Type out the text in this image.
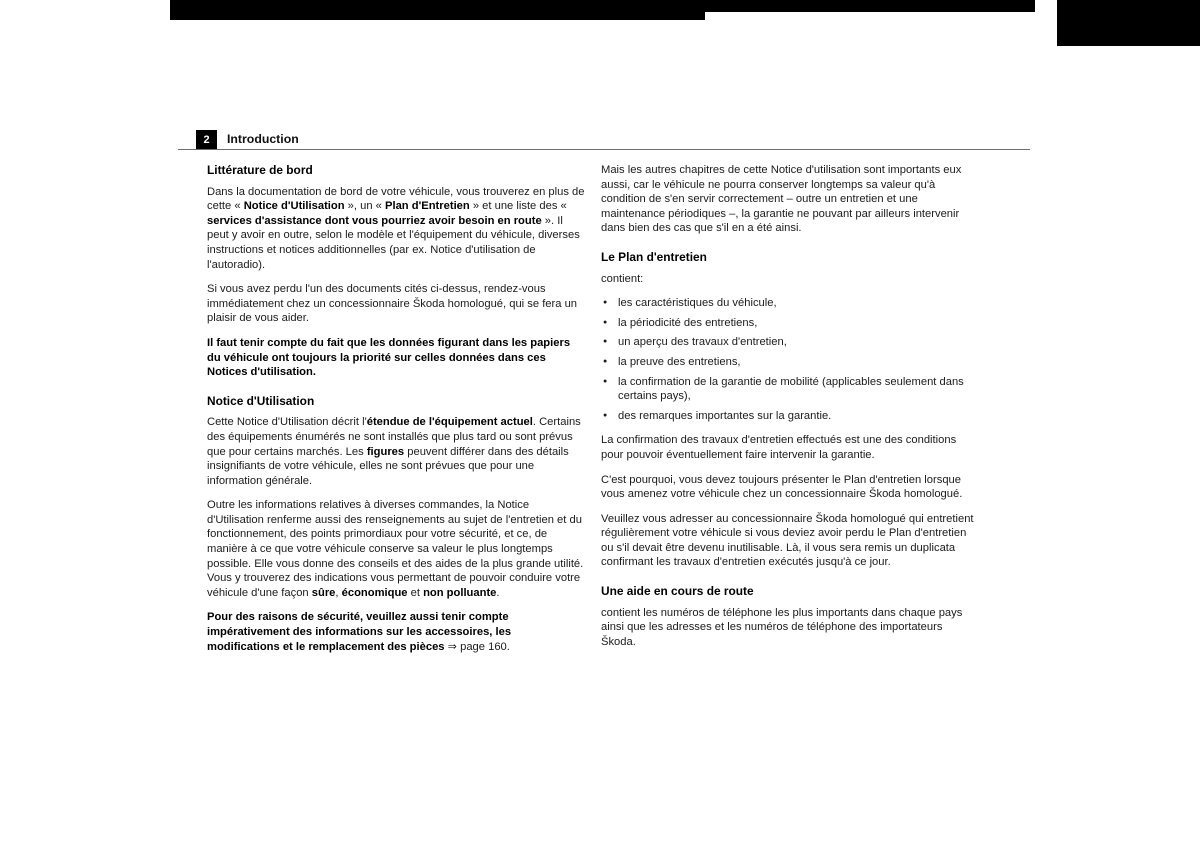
2 Introduction
Littérature de bord

Dans la documentation de bord de votre véhicule, vous trouverez en plus de cette « Notice d'Utilisation », un « Plan d'Entretien » et une liste des « services d'assistance dont vous pourriez avoir besoin en route ». Il peut y avoir en outre, selon le modèle et l'équipement du véhicule, diverses instructions et notices additionnelles (par ex. Notice d'utilisation de l'autoradio).

Si vous avez perdu l'un des documents cités ci-dessus, rendez-vous immédiatement chez un concessionnaire Škoda homologué, qui se fera un plaisir de vous aider.

Il faut tenir compte du fait que les données figurant dans les papiers du véhicule ont toujours la priorité sur celles données dans ces Notices d'utilisation.

Notice d'Utilisation

Cette Notice d'Utilisation décrit l'étendue de l'équipement actuel. Certains des équipements énumérés ne sont installés que plus tard ou sont prévus que pour certains marchés. Les figures peuvent différer dans des détails insignifiants de votre véhicule, elles ne sont prévues que pour une information générale.

Outre les informations relatives à diverses commandes, la Notice d'Utilisation renferme aussi des renseignements au sujet de l'entretien et du fonctionnement, des points primordiaux pour votre sécurité, et ce, de manière à ce que votre véhicule conserve sa valeur le plus longtemps possible. Elle vous donne des conseils et des aides de la plus grande utilité. Vous y trouverez des indications vous permettant de pouvoir conduire votre véhicule d'une façon sûre, économique et non polluante.

Pour des raisons de sécurité, veuillez aussi tenir compte impérativement des informations sur les accessoires, les modifications et le remplacement des pièces ⇒ page 160.

Mais les autres chapitres de cette Notice d'utilisation sont importants eux aussi, car le véhicule ne pourra conserver longtemps sa valeur qu'à condition de s'en servir correctement – outre un entretien et une maintenance périodiques –, la garantie ne pouvant par ailleurs intervenir dans bien des cas que s'il en a été ainsi.

Le Plan d'entretien

contient:

● les caractéristiques du véhicule,
● la périodicité des entretiens,
● un aperçu des travaux d'entretien,
● la preuve des entretiens,
● la confirmation de la garantie de mobilité (applicables seulement dans certains pays),
● des remarques importantes sur la garantie.

La confirmation des travaux d'entretien effectués est une des conditions pour pouvoir éventuellement faire intervenir la garantie.

C'est pourquoi, vous devez toujours présenter le Plan d'entretien lorsque vous amenez votre véhicule chez un concessionnaire Škoda homologué.

Veuillez vous adresser au concessionnaire Škoda homologué qui entretient régulièrement votre véhicule si vous deviez avoir perdu le Plan d'entretien ou s'il devait être devenu inutilisable. Là, il vous sera remis un duplicata confirmant les travaux d'entretien exécutés jusqu'à ce jour.

Une aide en cours de route

contient les numéros de téléphone les plus importants dans chaque pays ainsi que les adresses et les numéros de téléphone des importateurs Škoda.
